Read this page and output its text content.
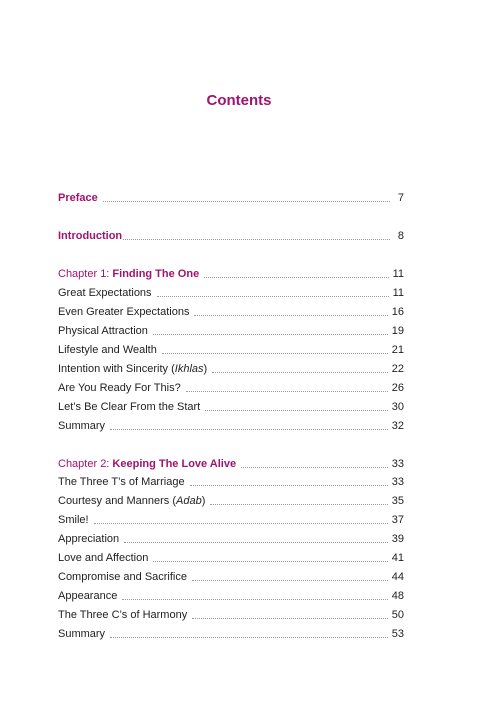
Contents
Preface	7
Introduction	8
Chapter 1: Finding The One	11
Great Expectations	11
Even Greater Expectations	16
Physical Attraction	19
Lifestyle and Wealth	21
Intention with Sincerity (Ikhlas)	22
Are You Ready For This?	26
Let’s Be Clear From the Start	30
Summary	32
Chapter 2: Keeping The Love Alive	33
The Three T’s of Marriage	33
Courtesy and Manners (Adab)	35
Smile!	37
Appreciation	39
Love and Affection	41
Compromise and Sacrifice	44
Appearance	48
The Three C’s of Harmony	50
Summary	53
